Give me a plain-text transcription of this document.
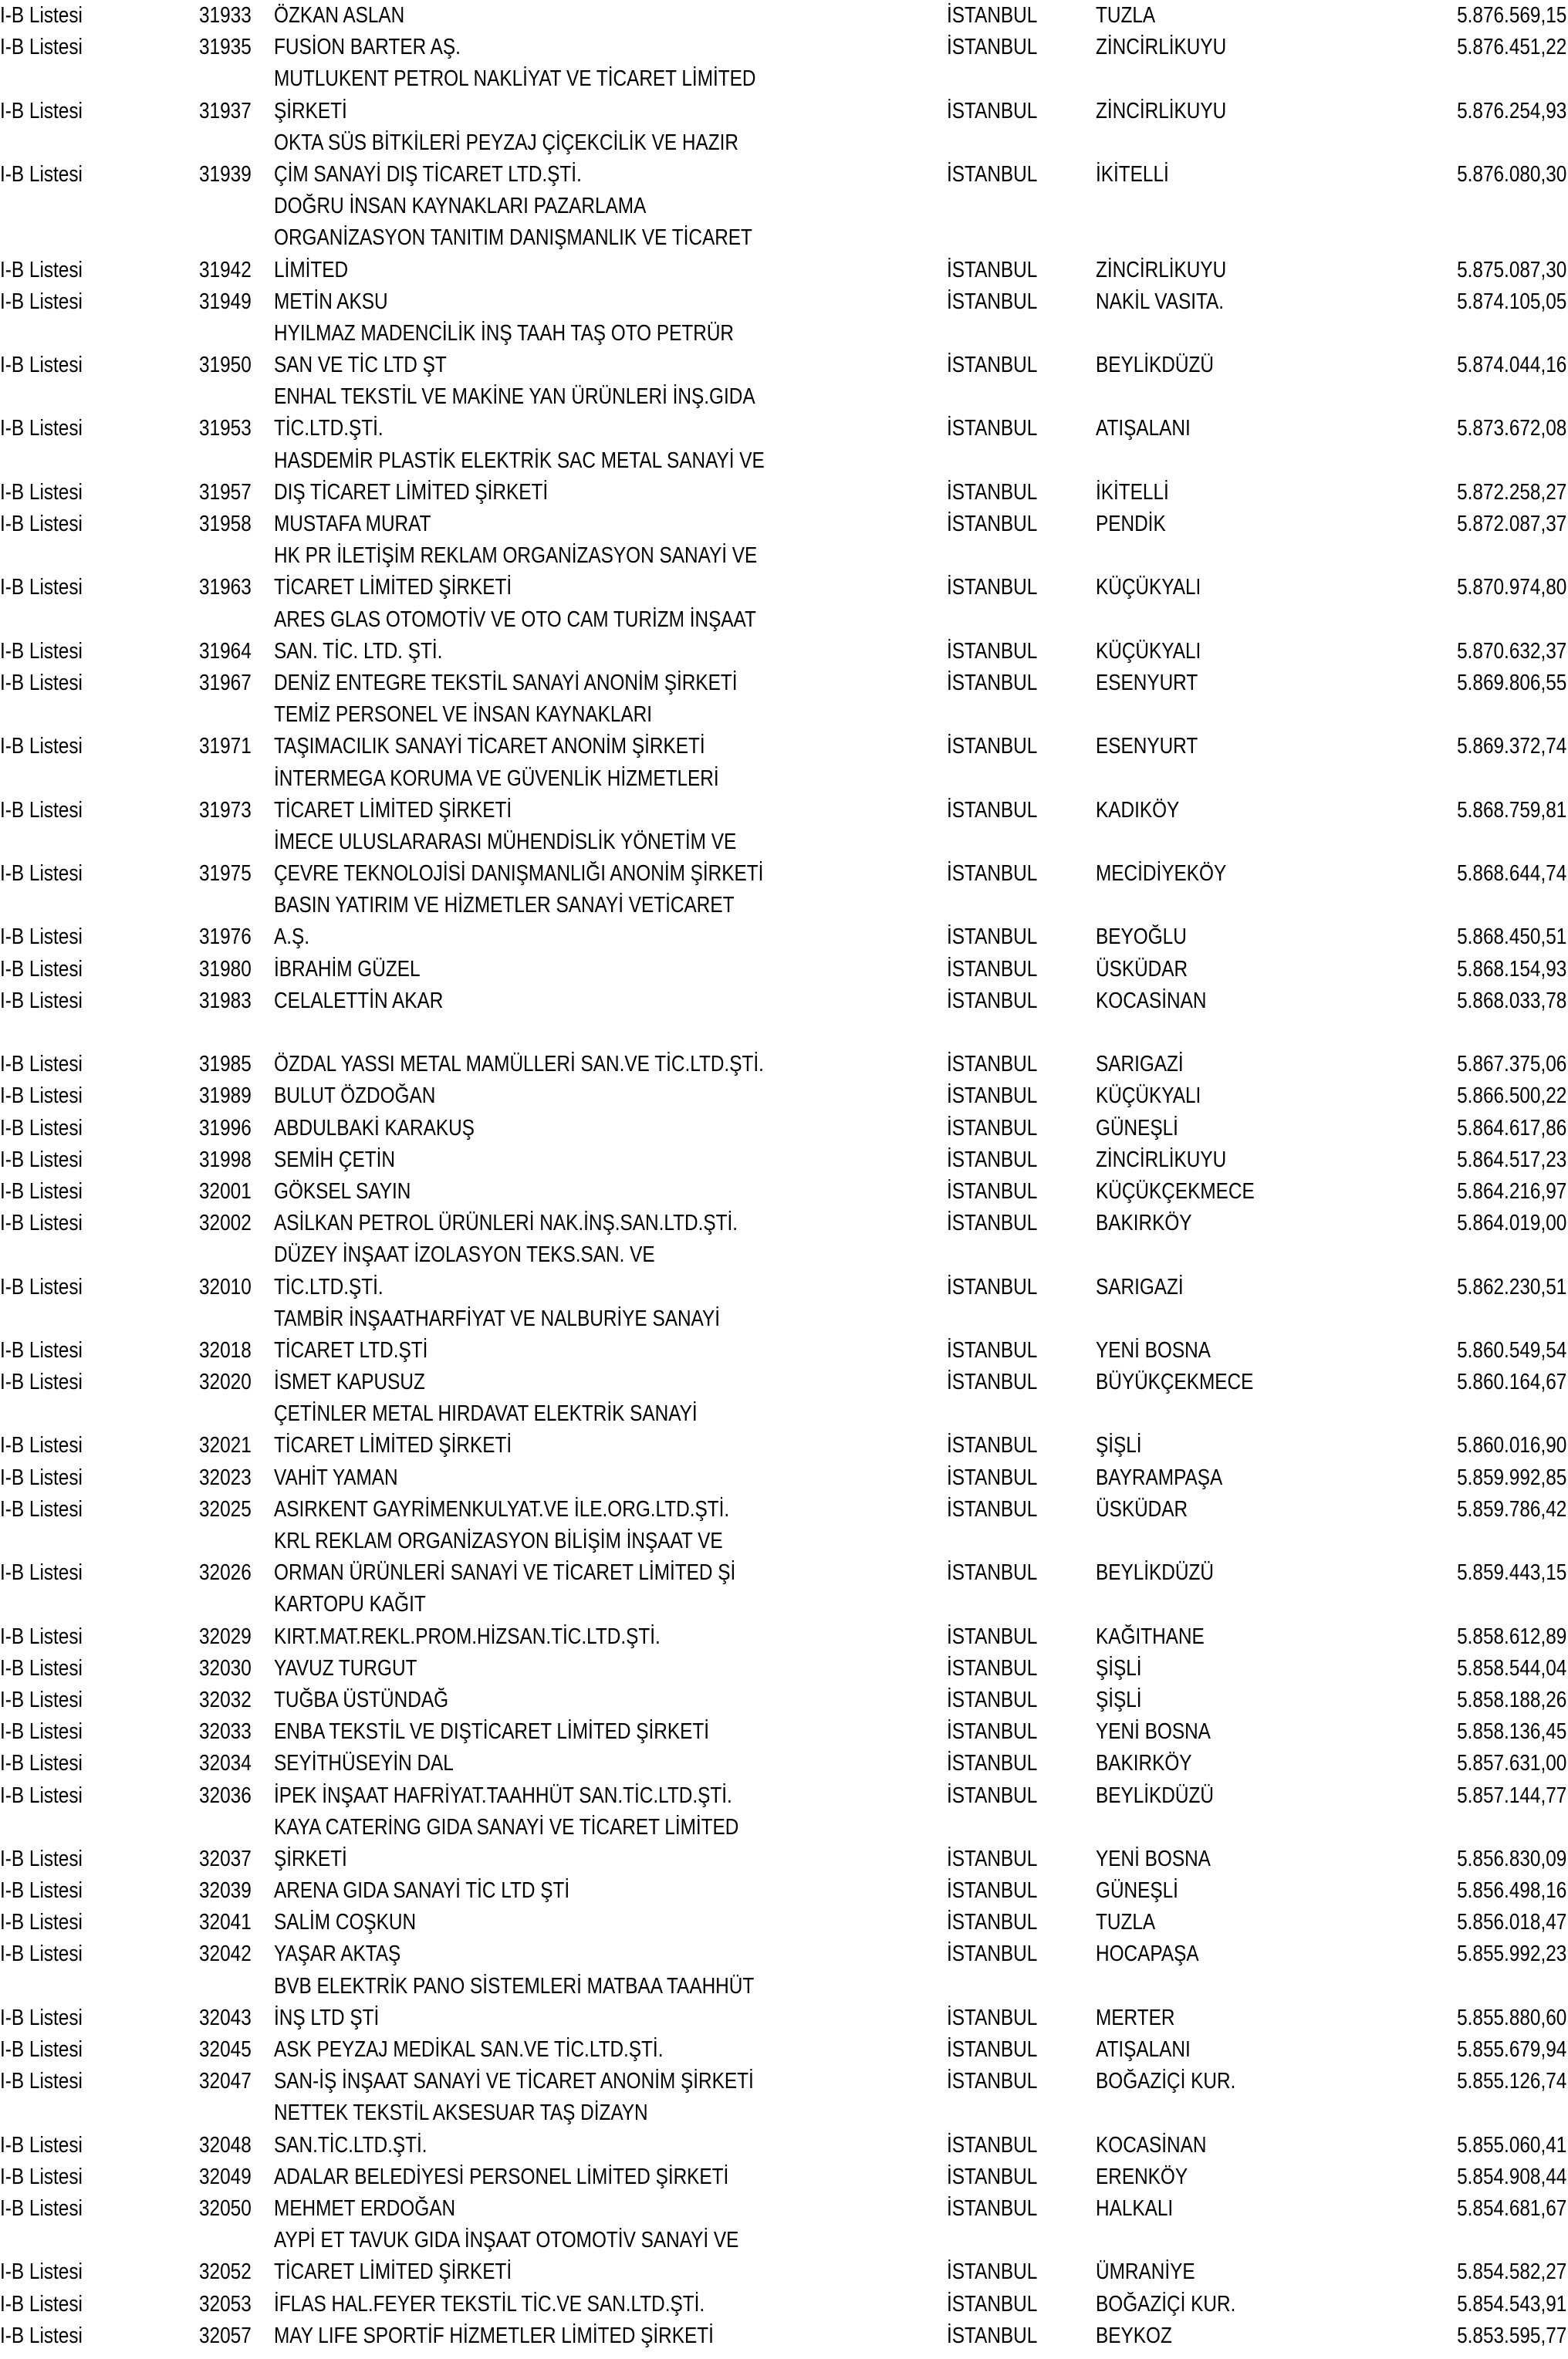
I-B Listesi	31933 ÖZKAN ASLAN	İSTANBUL	TUZLA	5.876.569,15
I-B Listesi	31935 FUSİON BARTER AŞ.	İSTANBUL	ZİNCİRLİKUYU	5.876.451,22
MUTLUKENT PETROL NAKLİYAT VE TİCARET LİMİTED
I-B Listesi	31937 ŞİRKETİ	İSTANBUL	ZİNCİRLİKUYU	5.876.254,93
OKTA SÜS BİTKİLERİ PEYZAJ ÇİÇEKCİLİK VE HAZIR
I-B Listesi	31939 ÇİM SANAYİ DIŞ TİCARET LTD.ŞTİ.	İSTANBUL	İKİTELLİ	5.876.080,30
DOĞRU İNSAN KAYNAKLARI PAZARLAMA
ORGANİZASYON TANITIM DANIŞMANLIK VE TİCARET
I-B Listesi	31942 LİMİTED	İSTANBUL	ZİNCİRLİKUYU	5.875.087,30
I-B Listesi	31949 METİN AKSU	İSTANBUL	NAKİL VASITA.	5.874.105,05
HYILMAZ MADENCİLİK İNŞ TAAH TAŞ OTO PETRÜR
I-B Listesi	31950 SAN VE TİC LTD ŞT	İSTANBUL	BEYLİKDÜZÜ	5.874.044,16
ENHAL TEKSTİL VE MAKİNE YAN ÜRÜNLERİ İNŞ.GIDA
I-B Listesi	31953 TİC.LTD.ŞTİ.	İSTANBUL	ATIŞALANI	5.873.672,08
HASDEMİR PLASTİK ELEKTRİK SAC METAL SANAYİ VE
I-B Listesi	31957 DIŞ TİCARET LİMİTED ŞİRKETİ	İSTANBUL	İKİTELLİ	5.872.258,27
I-B Listesi	31958 MUSTAFA MURAT	İSTANBUL	PENDİK	5.872.087,37
HK PR İLETİŞİM REKLAM ORGANİZASYON SANAYİ VE
I-B Listesi	31963 TİCARET LİMİTED ŞİRKETİ	İSTANBUL	KÜÇÜKYALI	5.870.974,80
ARES GLAS OTOMOTİV VE OTO CAM TURİZM İNŞAAT
I-B Listesi	31964 SAN. TİC. LTD. ŞTİ.	İSTANBUL	KÜÇÜKYALI	5.870.632,37
I-B Listesi	31967 DENİZ ENTEGRE TEKSTİL SANAYİ ANONİM ŞİRKETİ	İSTANBUL	ESENYURT	5.869.806,55
TEMİZ PERSONEL VE İNSAN KAYNAKLARI
I-B Listesi	31971 TAŞIMACILIK SANAYİ TİCARET ANONİM ŞİRKETİ	İSTANBUL	ESENYURT	5.869.372,74
İNTERMEGA KORUMA VE GÜVENLİK HİZMETLERİ
I-B Listesi	31973 TİCARET LİMİTED ŞİRKETİ	İSTANBUL	KADIKÖY	5.868.759,81
İMECE ULUSLARARASI MÜHENDİSLİK YÖNETİM VE
I-B Listesi	31975 ÇEVRE TEKNOLOJİSİ DANIŞMANLIĞI ANONİM ŞİRKETİ	İSTANBUL	MECİDİYEKÖY	5.868.644,74
BASIN YATIRIM VE HİZMETLER SANAYİ VETİCARET
I-B Listesi	31976 A.Ş.	İSTANBUL	BEYOĞLU	5.868.450,51
I-B Listesi	31980 İBRAHİM GÜZEL	İSTANBUL	ÜSKÜDAR	5.868.154,93
I-B Listesi	31983 CELALETTİN AKAR	İSTANBUL	KOCASİNAN	5.868.033,78
I-B Listesi	31985 ÖZDAL YASSI METAL MAMÜLLERİ SAN.VE TİC.LTD.ŞTİ.	İSTANBUL	SARIGAZİ	5.867.375,06
I-B Listesi	31989 BULUT ÖZDOĞAN	İSTANBUL	KÜÇÜKYALI	5.866.500,22
I-B Listesi	31996 ABDULBAKİ KARAKUŞ	İSTANBUL	GÜNEŞLİ	5.864.617,86
I-B Listesi	31998 SEMİH ÇETİN	İSTANBUL	ZİNCİRLİKUYU	5.864.517,23
I-B Listesi	32001 GÖKSEL SAYIN	İSTANBUL	KÜÇÜKÇEKMECE	5.864.216,97
I-B Listesi	32002 ASİLKAN PETROL ÜRÜNLERİ NAK.İNŞ.SAN.LTD.ŞTİ.	İSTANBUL	BAKIRKÖY	5.864.019,00
DÜZEY İNŞAAT İZOLASYON TEKS.SAN. VE
I-B Listesi	32010 TİC.LTD.ŞTİ.	İSTANBUL	SARIGAZİ	5.862.230,51
TAMBİR İNŞAATHARFİYAT VE NALBURİYE SANAYİ
I-B Listesi	32018 TİCARET LTD.ŞTİ	İSTANBUL	YENİ BOSNA	5.860.549,54
I-B Listesi	32020 İSMET KAPUSUZ	İSTANBUL	BÜYÜKÇEKMECE	5.860.164,67
ÇETİNLER METAL HIRDAVAT ELEKTRİK SANAYİ
I-B Listesi	32021 TİCARET LİMİTED ŞİRKETİ	İSTANBUL	ŞİŞLİ	5.860.016,90
I-B Listesi	32023 VAHİT YAMAN	İSTANBUL	BAYRAMPAŞA	5.859.992,85
I-B Listesi	32025 ASIRKENT GAYRİMENKULYAT.VE İLE.ORG.LTD.ŞTİ.	İSTANBUL	ÜSKÜDAR	5.859.786,42
KRL REKLAM ORGANİZASYON BİLİŞİM İNŞAAT VE
I-B Listesi	32026 ORMAN ÜRÜNLERİ SANAYİ VE TİCARET LİMİTED Şİ	İSTANBUL	BEYLİKDÜZÜ	5.859.443,15
KARTOPU KAĞIT
I-B Listesi	32029 KIRT.MAT.REKL.PROM.HİZSAN.TİC.LTD.ŞTİ.	İSTANBUL	KAĞITHANE	5.858.612,89
I-B Listesi	32030 YAVUZ TURGUT	İSTANBUL	ŞİŞLİ	5.858.544,04
I-B Listesi	32032 TUĞBA ÜSTÜNDAĞ	İSTANBUL	ŞİŞLİ	5.858.188,26
I-B Listesi	32033 ENBA TEKSTİL VE DIŞTİCARET LİMİTED ŞİRKETİ	İSTANBUL	YENİ BOSNA	5.858.136,45
I-B Listesi	32034 SEYİTHÜSEYİN DAL	İSTANBUL	BAKIRKÖY	5.857.631,00
I-B Listesi	32036 İPEK İNŞAAT HAFRİYAT.TAAHHÜT SAN.TİC.LTD.ŞTİ.	İSTANBUL	BEYLİKDÜZÜ	5.857.144,77
KAYA CATERİNG GIDA SANAYİ VE TİCARET LİMİTED
I-B Listesi	32037 ŞİRKETİ	İSTANBUL	YENİ BOSNA	5.856.830,09
I-B Listesi	32039 ARENA GIDA SANAYİ TİC LTD ŞTİ	İSTANBUL	GÜNEŞLİ	5.856.498,16
I-B Listesi	32041 SALİM COŞKUN	İSTANBUL	TUZLA	5.856.018,47
I-B Listesi	32042 YAŞAR AKTAŞ	İSTANBUL	HOCAPAŞA	5.855.992,23
BVB ELEKTRİK PANO SİSTEMLERİ MATBAA TAAHHÜT
I-B Listesi	32043 İNŞ LTD ŞTİ	İSTANBUL	MERTER	5.855.880,60
I-B Listesi	32045 ASK PEYZAJ MEDİKAL SAN.VE TİC.LTD.ŞTİ.	İSTANBUL	ATIŞALANI	5.855.679,94
I-B Listesi	32047 SAN-İŞ İNŞAAT SANAYİ VE TİCARET ANONİM ŞİRKETİ	İSTANBUL	BOĞAZİÇİ KUR.	5.855.126,74
NETTEK TEKSTİL AKSESUAR TAŞ DİZAYN
I-B Listesi	32048 SAN.TİC.LTD.ŞTİ.	İSTANBUL	KOCASİNAN	5.855.060,41
I-B Listesi	32049 ADALAR BELEDİYESİ PERSONEL LİMİTED ŞİRKETİ	İSTANBUL	ERENKÖY	5.854.908,44
I-B Listesi	32050 MEHMET ERDOĞAN	İSTANBUL	HALKALI	5.854.681,67
AYPİ ET TAVUK GIDA İNŞAAT OTOMOTİV SANAYİ VE
I-B Listesi	32052 TİCARET LİMİTED ŞİRKETİ	İSTANBUL	ÜMRANİYE	5.854.582,27
I-B Listesi	32053 İFLAS HAL.FEYER TEKSTİL TİC.VE SAN.LTD.ŞTİ.	İSTANBUL	BOĞAZİÇİ KUR.	5.854.543,91
I-B Listesi	32057 MAY LIFE SPORTİF HİZMETLER LİMİTED ŞİRKETİ	İSTANBUL	BEYKOZ	5.853.595,77
